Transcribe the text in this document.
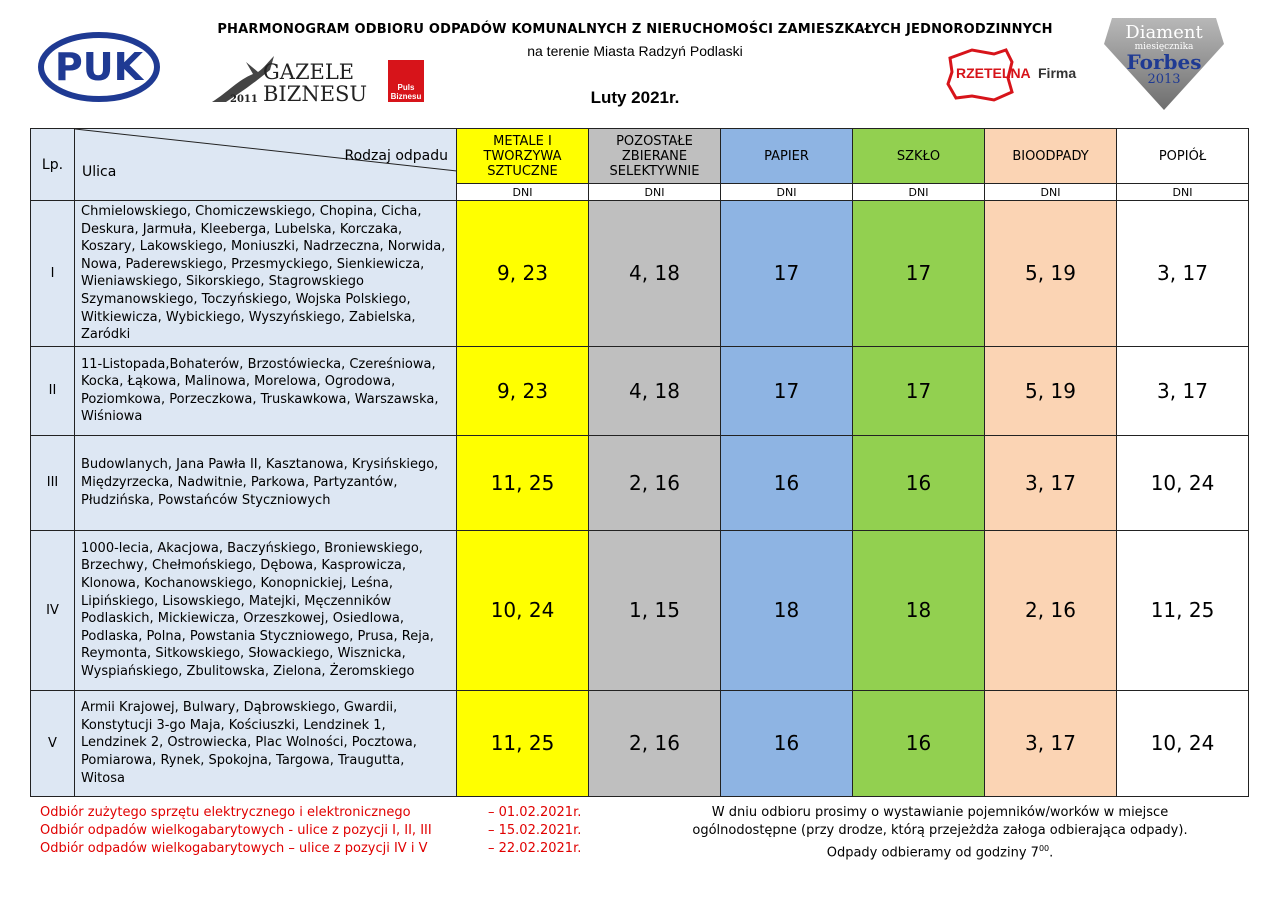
PHARMONOGRAM ODBIORU ODPADÓW KOMUNALNYCH Z NIERUCHOMOŚCI ZAMIESZKAŁYCH JEDNORODZINNYCH
na terenie Miasta Radzyń Podlaski
Luty 2021r.
PUK
2011
GAZELE
BIZNESU	Puls
Biznesu
RZETELNA Firma
Diament
miesięcznika
Forbes
2013
Lp.	Rodzaj odpadu
Ulica	METALE I TWORZYWA SZTUCZNE	POZOSTAŁE ZBIERANE SELEKTYWNIE	PAPIER	SZKŁO	BIOODPADY	POPIÓŁ
		DNI	DNI	DNI	DNI	DNI	DNI
I	Chmielowskiego, Chomiczewskiego, Chopina, Cicha, Deskura, Jarmuła, Kleeberga, Lubelska, Korczaka, Koszary, Lakowskiego, Moniuszki, Nadrzeczna, Norwida, Nowa, Paderewskiego, Przesmyckiego, Sienkiewicza, Wieniawskiego, Sikorskiego, Stagrowskiego Szymanowskiego, Toczyńskiego, Wojska Polskiego, Witkiewicza, Wybickiego, Wyszyńskiego, Zabielska, Zaródki	9, 23	4, 18	17	17	5, 19	3, 17
II	11-Listopada,Bohaterów, Brzostówiecka, Czereśniowa, Kocka, Łąkowa, Malinowa, Morelowa, Ogrodowa, Poziomkowa, Porzeczkowa, Truskawkowa, Warszawska, Wiśniowa	9, 23	4, 18	17	17	5, 19	3, 17
III	Budowlanych, Jana Pawła II, Kasztanowa, Krysińskiego, Międzyrzecka, Nadwitnie, Parkowa, Partyzantów, Płudzińska, Powstańców Styczniowych	11, 25	2, 16	16	16	3, 17	10, 24
IV	1000-lecia, Akacjowa, Baczyńskiego, Broniewskiego, Brzechwy, Chełmońskiego, Dębowa, Kasprowicza, Klonowa, Kochanowskiego, Konopnickiej, Leśna, Lipińskiego, Lisowskiego, Matejki, Męczenników Podlaskich, Mickiewicza, Orzeszkowej, Osiedlowa, Podlaska, Polna, Powstania Styczniowego, Prusa, Reja, Reymonta, Sitkowskiego, Słowackiego, Wisznicka, Wyspiańskiego, Zbulitowska, Zielona, Żeromskiego	10, 24	1, 15	18	18	2, 16	11, 25
V	Armii Krajowej, Bulwary, Dąbrowskiego, Gwardii, Konstytucji 3-go Maja, Kościuszki, Lendzinek 1, Lendzinek 2, Ostrowiecka, Plac Wolności, Pocztowa, Pomiarowa, Rynek, Spokojna, Targowa, Traugutta, Witosa	11, 25	2, 16	16	16	3, 17	10, 24
Odbiór zużytego sprzętu elektrycznego i elektronicznego	– 01.02.2021r.
Odbiór odpadów wielkogabarytowych - ulice z pozycji I, II, III	– 15.02.2021r.
Odbiór odpadów wielkogabarytowych – ulice z pozycji IV i V	– 22.02.2021r.
W dniu odbioru prosimy o wystawianie pojemników/worków w miejsce
ogólnodostępne (przy drodze, którą przejeżdża załoga odbierająca odpady).
Odpady odbieramy od godziny $7^{00}$.
